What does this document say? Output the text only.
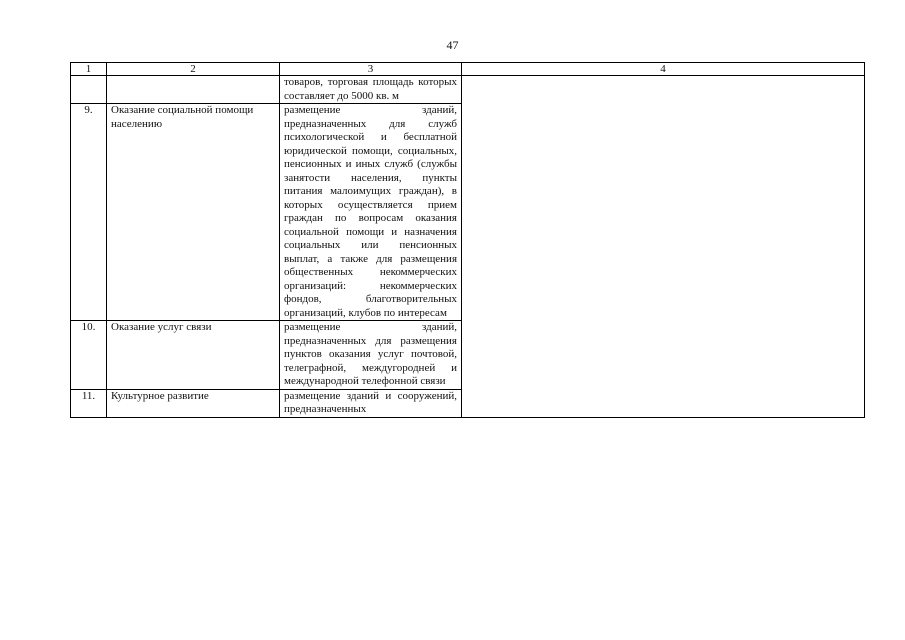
47
1	2	3	4

		товаров, торговая площадь которых составляет до 5000 кв. м	

9.	Оказание социальной помощи населению	размещение зданий, предназначенных для служб психологической и бесплатной юридической помощи, социальных, пенсионных и иных служб (службы занятости населения, пункты питания малоимущих граждан), в которых осуществляется прием граждан по вопросам оказания социальной помощи и назначения социальных или пенсионных выплат, а также для размещения общественных некоммерческих организаций: некоммерческих фондов, благотворительных организаций, клубов по интересам	

10.	Оказание услуг связи	размещение зданий, предназначенных для размещения пунктов оказания услуг почтовой, телеграфной, междугородней и международной телефонной связи	

11.	Культурное развитие	размещение зданий и сооружений, предназначенных	
